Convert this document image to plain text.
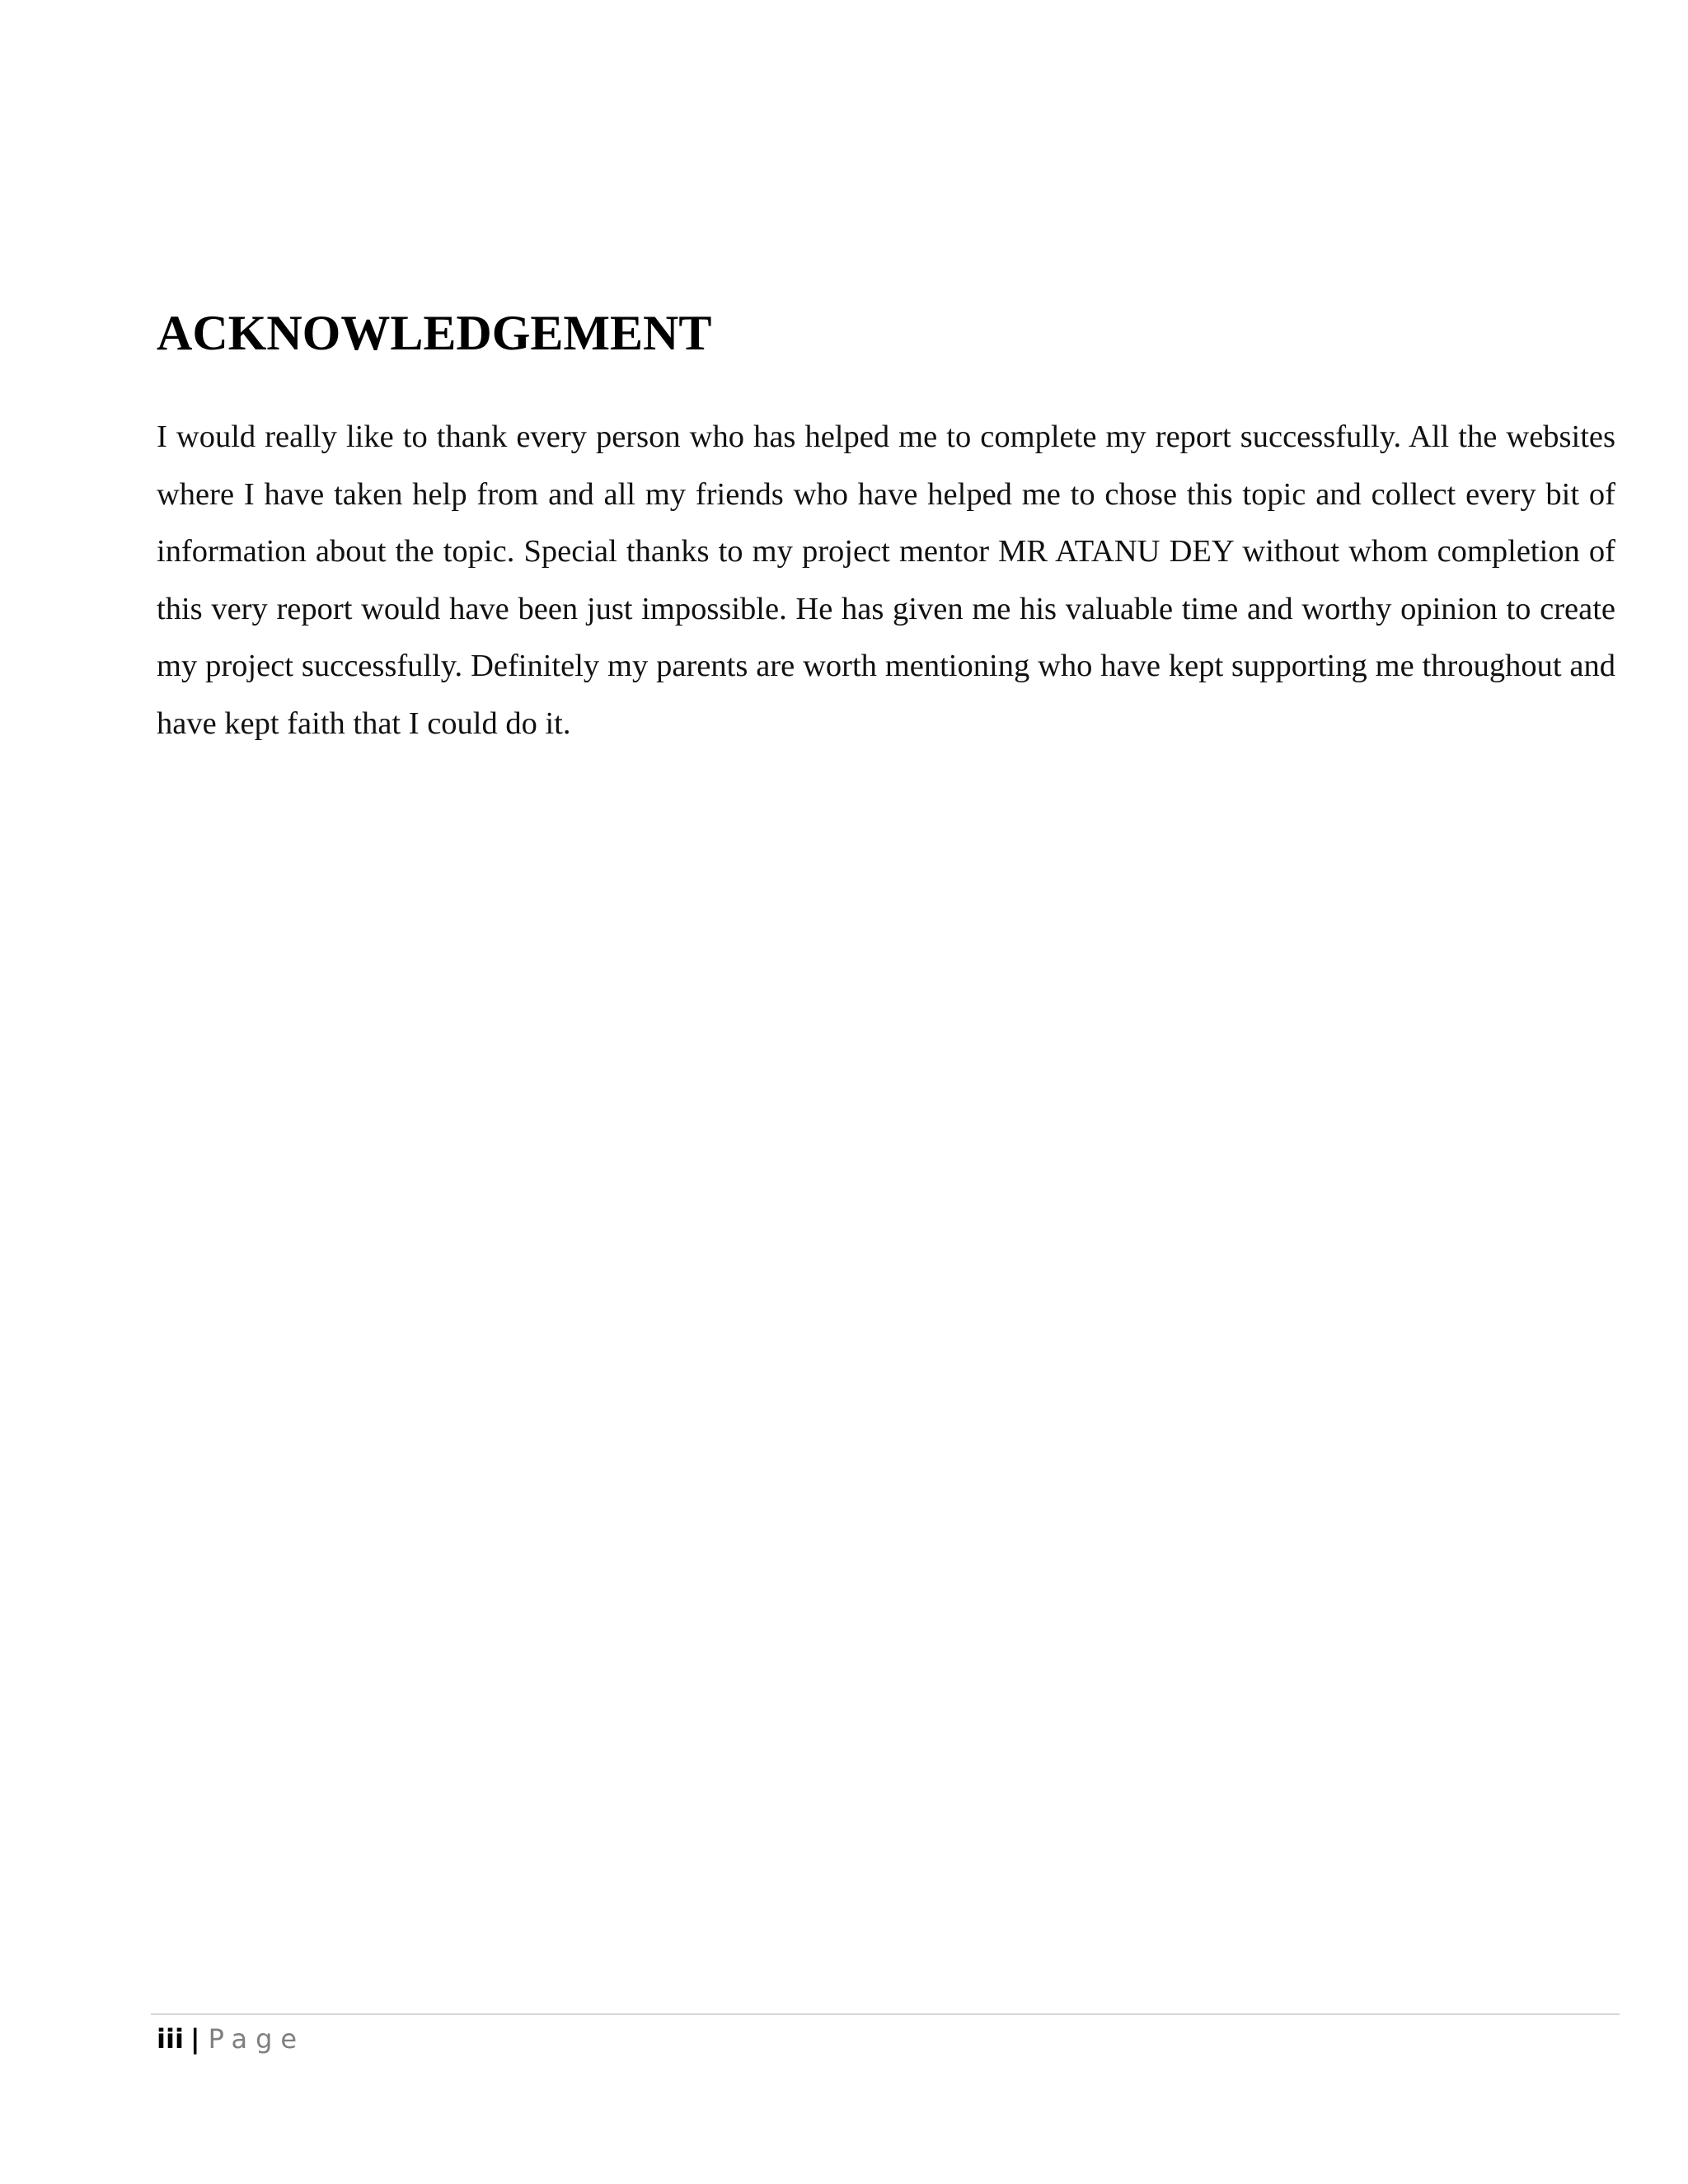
ACKNOWLEDGEMENT

I would really like to thank every person who has helped me to complete my report successfully. All the websites where I have taken help from and all my friends who have helped me to chose this topic and collect every bit of information about the topic. Special thanks to my project mentor MR ATANU DEY without whom completion of this very report would have been just impossible. He has given me his valuable time and worthy opinion to create my project successfully. Definitely my parents are worth mentioning who have kept supporting me throughout and have kept faith that I could do it.

iii | Page
